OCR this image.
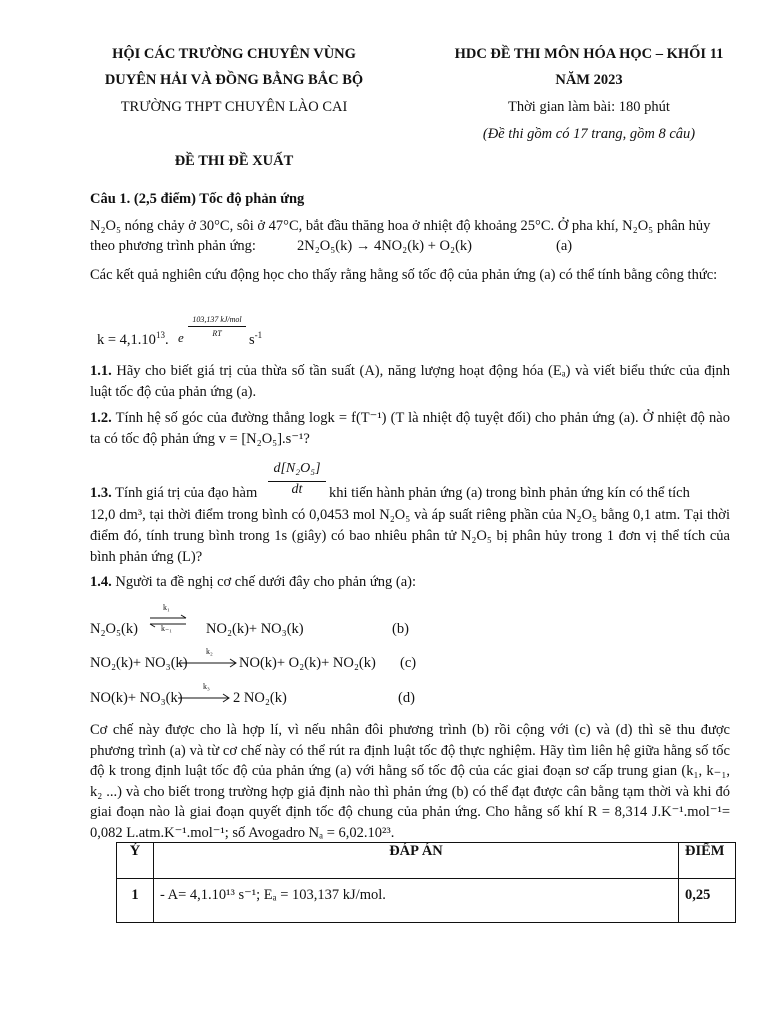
HỘI CÁC TRƯỜNG CHUYÊN VÙNG
DUYÊN HẢI VÀ ĐỒNG BẰNG BẮC BỘ
TRƯỜNG THPT CHUYÊN LÀO CAI
HDC ĐỀ THI MÔN HÓA HỌC – KHỐI 11
NĂM 2023
Thời gian làm bài: 180 phút
(Đề thi gồm có 17 trang, gồm 8 câu)
ĐỀ THI ĐỀ XUẤT
Câu 1. (2,5 điểm) Tốc độ phản ứng
N₂O₅ nóng chảy ở 30°C, sôi ở 47°C, bắt đầu thăng hoa ở nhiệt độ khoảng 25°C. Ở pha khí, N₂O₅ phân hủy
theo phương trình phản ứng:	2N₂O₅(k) → 4NO₂(k) + O₂(k)	(a)
Các kết quả nghiên cứu động học cho thấy rằng hằng số tốc độ của phản ứng (a) có thể tính bằng công thức:
$k = 4,1.10^{13}$. e
103,137 kJ/mol
RT	$s^{-1}$
1.1. Hãy cho biết giá trị của thừa số tần suất (A), năng lượng hoạt động hóa (Eₐ) và viết biểu thức của định luật tốc độ của phản ứng (a).
1.2. Tính hệ số góc của đường thẳng logk = f(T⁻¹) (T là nhiệt độ tuyệt đối) cho phản ứng (a). Ở nhiệt độ nào ta có tốc độ phản ứng v = [N₂O₅].s⁻¹?
d[N₂O₅]
dt
1.3. Tính giá trị của đạo hàm	khi tiến hành phản ứng (a) trong bình phản ứng kín có thể tích
12,0 dm³, tại thời điểm trong bình có 0,0453 mol N₂O₅ và áp suất riêng phần của N₂O₅ bằng 0,1 atm. Tại thời điểm đó, tính trung bình trong 1s (giây) có bao nhiêu phân tử N₂O₅ bị phân hủy trong 1 đơn vị thể tích của bình phản ứng (L)?
1.4. Người ta đề nghị cơ chế dưới đây cho phản ứng (a):
N₂O₅(k) ⇌
k₁
k₋₁ NO₂(k)+ NO₃(k)	(b)
NO₂(k)+ NO₃(k)
k₂
NO(k)+ O₂(k)+ NO₂(k) (c)
NO(k)+ NO₃(k)
k₃
2 NO₂(k)	(d)
Cơ chế này được cho là hợp lí, vì nếu nhân đôi phương trình (b) rồi cộng với (c) và (d) thì sẽ thu được phương trình (a) và từ cơ chế này có thể rút ra định luật tốc độ thực nghiệm. Hãy tìm liên hệ giữa hằng số tốc độ k trong định luật tốc độ của phản ứng (a) với hằng số tốc độ của các giai đoạn sơ cấp trung gian (k₁, k₋₁, k₂ ...) và cho biết trong trường hợp giả định nào thì phản ứng (b) có thể đạt được cân bằng tạm thời và khi đó giai đoạn nào là giai đoạn quyết định tốc độ chung của phản ứng. Cho hằng số khí R = 8,314 J.K⁻¹.mol⁻¹= 0,082 L.atm.K⁻¹.mol⁻¹; số Avogadro Nₐ = 6,02.10²³.
Ý	ĐÁP ÁN	ĐIỂM
1	- A= 4,1.10¹³ s⁻¹; Eₐ = 103,137 kJ/mol.	0,25
